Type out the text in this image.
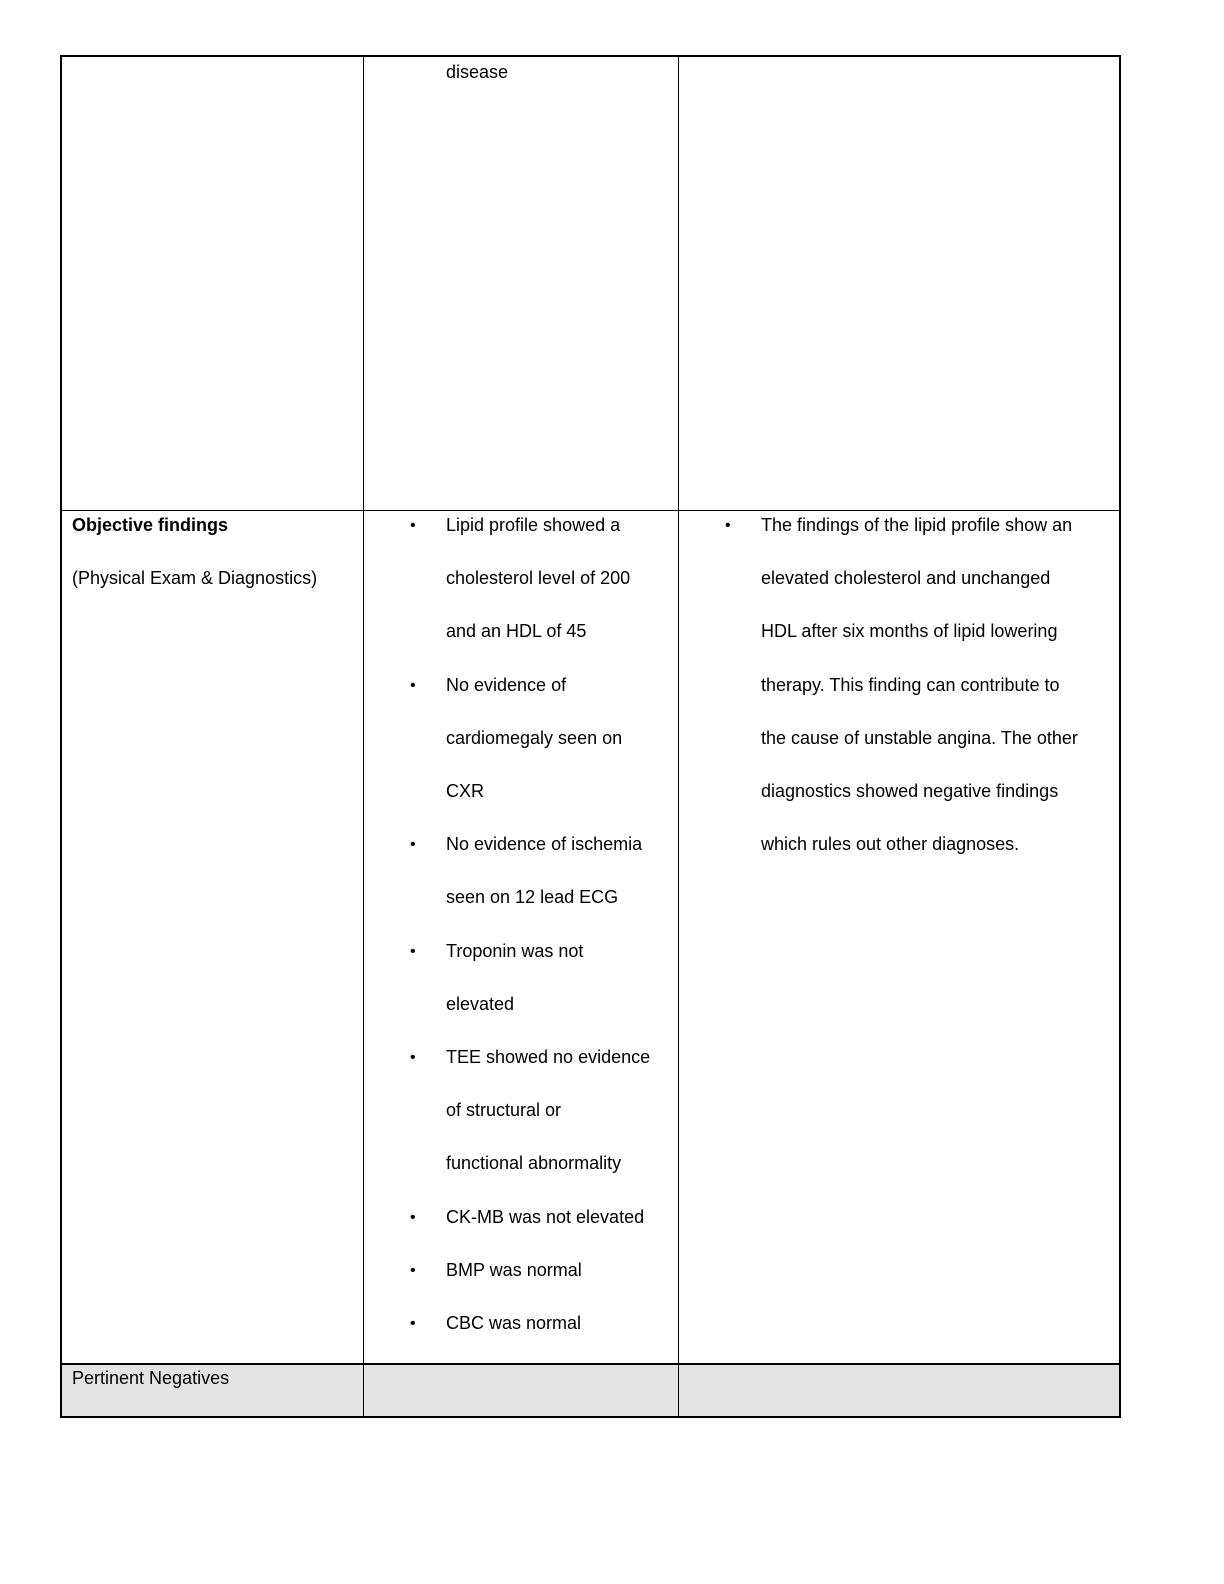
disease
Objective findings
(Physical Exam & Diagnostics)
• Lipid profile showed a
cholesterol level of 200
and an HDL of 45
• No evidence of
cardiomegaly seen on
CXR
• No evidence of ischemia
seen on 12 lead ECG
• Troponin was not
elevated
• TEE showed no evidence
of structural or
functional abnormality
• CK-MB was not elevated
• BMP was normal
• CBC was normal
• The findings of the lipid profile show an
elevated cholesterol and unchanged
HDL after six months of lipid lowering
therapy. This finding can contribute to
the cause of unstable angina. The other
diagnostics showed negative findings
which rules out other diagnoses.
Pertinent Negatives
